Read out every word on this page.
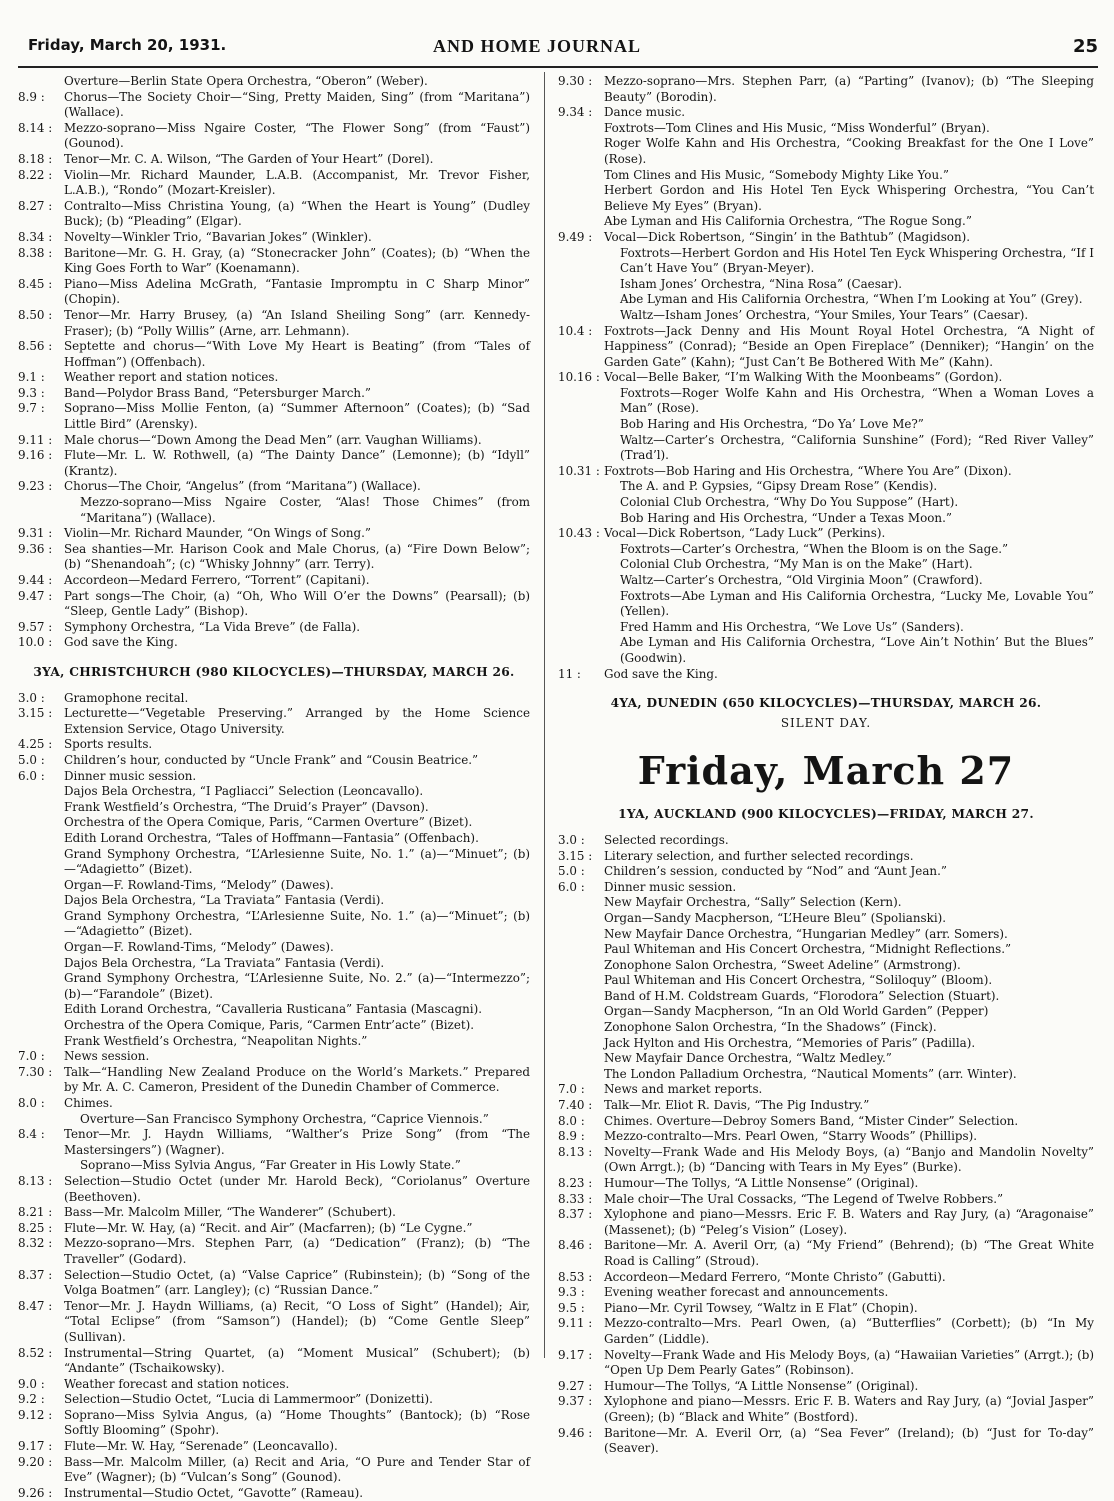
Friday, March 20, 1931.	AND HOME JOURNAL	25
Overture—Berlin State Opera Orchestra, “Oberon” (Weber).
8.9 :	Chorus—The Society Choir—“Sing, Pretty Maiden, Sing” (from “Maritana”) (Wallace).
8.14 : Mezzo-soprano—Miss Ngaire Coster, “The Flower Song” (from “Faust”) (Gounod).
8.18 : Tenor—Mr. C. A. Wilson, “The Garden of Your Heart” (Dorel).
8.22 : Violin—Mr. Richard Maunder, L.A.B. (Accompanist, Mr. Trevor Fisher, L.A.B.), “Rondo” (Mozart-Kreisler).
8.27 : Contralto—Miss Christina Young, (a) “When the Heart is Young” (Dudley Buck); (b) “Pleading” (Elgar).
8.34 : Novelty—Winkler Trio, “Bavarian Jokes” (Winkler).
8.38 : Baritone—Mr. G. H. Gray, (a) “Stonecracker John” (Coates); (b) “When the King Goes Forth to War” (Koenamann).
8.45 : Piano—Miss Adelina McGrath, “Fantasie Impromptu in C Sharp Minor” (Chopin).
8.50 : Tenor—Mr. Harry Brusey, (a) “An Island Sheiling Song” (arr. Kennedy-Fraser); (b) “Polly Willis” (Arne, arr. Lehmann).
8.56 : Septette and chorus—“With Love My Heart is Beating” (from “Tales of Hoffman”) (Offenbach).
9.1 :	Weather report and station notices.
9.3 :	Band—Polydor Brass Band, “Petersburger March.”
9.7 :	Soprano—Miss Mollie Fenton, (a) “Summer Afternoon” (Coates); (b) “Sad Little Bird” (Arensky).
9.11 : Male chorus—“Down Among the Dead Men” (arr. Vaughan Williams).
9.16 : Flute—Mr. L. W. Rothwell, (a) “The Dainty Dance” (Lemonne); (b) “Idyll” (Krantz).
9.23 : Chorus—The Choir, “Angelus” (from “Maritana”) (Wallace).
Mezzo-soprano—Miss Ngaire Coster, “Alas! Those Chimes” (from “Maritana”) (Wallace).
9.31 : Violin—Mr. Richard Maunder, “On Wings of Song.”
9.36 : Sea shanties—Mr. Harison Cook and Male Chorus, (a) “Fire Down Below”; (b) “Shenandoah”; (c) “Whisky Johnny” (arr. Terry).
9.44 : Accordeon—Medard Ferrero, “Torrent” (Capitani).
9.47 : Part songs—The Choir, (a) “Oh, Who Will O’er the Downs” (Pearsall); (b) “Sleep, Gentle Lady” (Bishop).
9.57 : Symphony Orchestra, “La Vida Breve” (de Falla).
10.0 : God save the King.
3YA, CHRISTCHURCH (980 KILOCYCLES)—THURSDAY, MARCH 26.
3.0 :	Gramophone recital.
3.15 : Lecturette—“Vegetable Preserving.” Arranged by the Home Science Extension Service, Otago University.
4.25 : Sports results.
5.0 :	Children’s hour, conducted by “Uncle Frank” and “Cousin Beatrice.”
6.0 :	Dinner music session.
Dajos Bela Orchestra, “I Pagliacci” Selection (Leoncavallo).
Frank Westfield’s Orchestra, “The Druid’s Prayer” (Davson).
Orchestra of the Opera Comique, Paris, “Carmen Overture” (Bizet).
Edith Lorand Orchestra, “Tales of Hoffmann—Fantasia” (Offenbach).
Grand Symphony Orchestra, “L’Arlesienne Suite, No. 1.” (a)—“Minuet”; (b)—“Adagietto” (Bizet).
Organ—F. Rowland-Tims, “Melody” (Dawes).
Dajos Bela Orchestra, “La Traviata” Fantasia (Verdi).
Grand Symphony Orchestra, “L’Arlesienne Suite, No. 1.” (a)—“Minuet”; (b)—“Adagietto” (Bizet).
Organ—F. Rowland-Tims, “Melody” (Dawes).
Dajos Bela Orchestra, “La Traviata” Fantasia (Verdi).
Grand Symphony Orchestra, “L’Arlesienne Suite, No. 2.” (a)—“Intermezzo”; (b)—“Farandole” (Bizet).
Edith Lorand Orchestra, “Cavalleria Rusticana” Fantasia (Mascagni).
Orchestra of the Opera Comique, Paris, “Carmen Entr’acte” (Bizet).
Frank Westfield’s Orchestra, “Neapolitan Nights.”
7.0 :	News session.
7.30 : Talk—“Handling New Zealand Produce on the World’s Markets.” Prepared by Mr. A. C. Cameron, President of the Dunedin Chamber of Commerce.
8.0 :	Chimes.
Overture—San Francisco Symphony Orchestra, “Caprice Viennois.”
8.4 :	Tenor—Mr. J. Haydn Williams, “Walther’s Prize Song” (from “The Mastersingers”) (Wagner).
Soprano—Miss Sylvia Angus, “Far Greater in His Lowly State.”
8.13 : Selection—Studio Octet (under Mr. Harold Beck), “Coriolanus” Overture (Beethoven).
8.21 : Bass—Mr. Malcolm Miller, “The Wanderer” (Schubert).
8.25 : Flute—Mr. W. Hay, (a) “Recit. and Air” (Macfarren); (b) “Le Cygne.”
8.32 : Mezzo-soprano—Mrs. Stephen Parr, (a) “Dedication” (Franz); (b) “The Traveller” (Godard).
8.37 : Selection—Studio Octet, (a) “Valse Caprice” (Rubinstein); (b) “Song of the Volga Boatmen” (arr. Langley); (c) “Russian Dance.”
8.47 : Tenor—Mr. J. Haydn Williams, (a) Recit, “O Loss of Sight” (Handel); Air, “Total Eclipse” (from “Samson”) (Handel); (b) “Come Gentle Sleep” (Sullivan).
8.52 : Instrumental—String Quartet, (a) “Moment Musical” (Schubert); (b) “Andante” (Tschaikowsky).
9.0 :	Weather forecast and station notices.
9.2 :	Selection—Studio Octet, “Lucia di Lammermoor” (Donizetti).
9.12 : Soprano—Miss Sylvia Angus, (a) “Home Thoughts” (Bantock); (b) “Rose Softly Blooming” (Spohr).
9.17 : Flute—Mr. W. Hay, “Serenade” (Leoncavallo).
9.20 : Bass—Mr. Malcolm Miller, (a) Recit and Aria, “O Pure and Tender Star of Eve” (Wagner); (b) “Vulcan’s Song” (Gounod).
9.26 : Instrumental—Studio Octet, “Gavotte” (Rameau).
9.30 : Mezzo-soprano—Mrs. Stephen Parr, (a) “Parting” (Ivanov); (b) “The Sleeping Beauty” (Borodin).
9.34 : Dance music.
Foxtrots—Tom Clines and His Music, “Miss Wonderful” (Bryan).
Roger Wolfe Kahn and His Orchestra, “Cooking Breakfast for the One I Love” (Rose).
Tom Clines and His Music, “Somebody Mighty Like You.”
Herbert Gordon and His Hotel Ten Eyck Whispering Orchestra, “You Can’t Believe My Eyes” (Bryan).
Abe Lyman and His California Orchestra, “The Rogue Song.”
9.49 : Vocal—Dick Robertson, “Singin’ in the Bathtub” (Magidson).
Foxtrots—Herbert Gordon and His Hotel Ten Eyck Whispering Orchestra, “If I Can’t Have You” (Bryan-Meyer).
Isham Jones’ Orchestra, “Nina Rosa” (Caesar).
Abe Lyman and His California Orchestra, “When I’m Looking at You” (Grey).
Waltz—Isham Jones’ Orchestra, “Your Smiles, Your Tears” (Caesar).
10.4 : Foxtrots—Jack Denny and His Mount Royal Hotel Orchestra, “A Night of Happiness” (Conrad); “Beside an Open Fireplace” (Denniker); “Hangin’ on the Garden Gate” (Kahn); “Just Can’t Be Bothered With Me” (Kahn).
10.16 : Vocal—Belle Baker, “I’m Walking With the Moonbeams” (Gordon).
Foxtrots—Roger Wolfe Kahn and His Orchestra, “When a Woman Loves a Man” (Rose).
Bob Haring and His Orchestra, “Do Ya’ Love Me?”
Waltz—Carter’s Orchestra, “California Sunshine” (Ford); “Red River Valley” (Trad’l).
10.31 : Foxtrots—Bob Haring and His Orchestra, “Where You Are” (Dixon).
The A. and P. Gypsies, “Gipsy Dream Rose” (Kendis).
Colonial Club Orchestra, “Why Do You Suppose” (Hart).
Bob Haring and His Orchestra, “Under a Texas Moon.”
10.43 : Vocal—Dick Robertson, “Lady Luck” (Perkins).
Foxtrots—Carter’s Orchestra, “When the Bloom is on the Sage.”
Colonial Club Orchestra, “My Man is on the Make” (Hart).
Waltz—Carter’s Orchestra, “Old Virginia Moon” (Crawford).
Foxtrots—Abe Lyman and His California Orchestra, “Lucky Me, Lovable You” (Yellen).
Fred Hamm and His Orchestra, “We Love Us” (Sanders).
Abe Lyman and His California Orchestra, “Love Ain’t Nothin’ But the Blues” (Goodwin).
11 :	God save the King.
4YA, DUNEDIN (650 KILOCYCLES)—THURSDAY, MARCH 26.
SILENT DAY.
Friday, March 27
1YA, AUCKLAND (900 KILOCYCLES)—FRIDAY, MARCH 27.
3.0 :	Selected recordings.
3.15 : Literary selection, and further selected recordings.
5.0 :	Children’s session, conducted by “Nod” and “Aunt Jean.”
6.0 :	Dinner music session.
New Mayfair Orchestra, “Sally” Selection (Kern).
Organ—Sandy Macpherson, “L’Heure Bleu” (Spolianski).
New Mayfair Dance Orchestra, “Hungarian Medley” (arr. Somers).
Paul Whiteman and His Concert Orchestra, “Midnight Reflections.”
Zonophone Salon Orchestra, “Sweet Adeline” (Armstrong).
Paul Whiteman and His Concert Orchestra, “Soliloquy” (Bloom).
Band of H.M. Coldstream Guards, “Florodora” Selection (Stuart).
Organ—Sandy Macpherson, “In an Old World Garden” (Pepper)
Zonophone Salon Orchestra, “In the Shadows” (Finck).
Jack Hylton and His Orchestra, “Memories of Paris” (Padilla).
New Mayfair Dance Orchestra, “Waltz Medley.”
The London Palladium Orchestra, “Nautical Moments” (arr. Winter).
7.0 :	News and market reports.
7.40 : Talk—Mr. Eliot R. Davis, “The Pig Industry.”
8.0 :	Chimes. Overture—Debroy Somers Band, “Mister Cinder” Selection.
8.9 :	Mezzo-contralto—Mrs. Pearl Owen, “Starry Woods” (Phillips).
8.13 : Novelty—Frank Wade and His Melody Boys, (a) “Banjo and Mandolin Novelty” (Own Arrgt.); (b) “Dancing with Tears in My Eyes” (Burke).
8.23 : Humour—The Tollys, “A Little Nonsense” (Original).
8.33 : Male choir—The Ural Cossacks, “The Legend of Twelve Robbers.”
8.37 : Xylophone and piano—Messrs. Eric F. B. Waters and Ray Jury, (a) “Aragonaise” (Massenet); (b) “Peleg’s Vision” (Losey).
8.46 : Baritone—Mr. A. Averil Orr, (a) “My Friend” (Behrend); (b) “The Great White Road is Calling” (Stroud).
8.53 : Accordeon—Medard Ferrero, “Monte Christo” (Gabutti).
9.3 :	Evening weather forecast and announcements.
9.5 :	Piano—Mr. Cyril Towsey, “Waltz in E Flat” (Chopin).
9.11 : Mezzo-contralto—Mrs. Pearl Owen, (a) “Butterflies” (Corbett); (b) “In My Garden” (Liddle).
9.17 : Novelty—Frank Wade and His Melody Boys, (a) “Hawaiian Varieties” (Arrgt.); (b) “Open Up Dem Pearly Gates” (Robinson).
9.27 : Humour—The Tollys, “A Little Nonsense” (Original).
9.37 : Xylophone and piano—Messrs. Eric F. B. Waters and Ray Jury, (a) “Jovial Jasper” (Green); (b) “Black and White” (Bostford).
9.46 : Baritone—Mr. A. Everil Orr, (a) “Sea Fever” (Ireland); (b) “Just for To-day” (Seaver).
